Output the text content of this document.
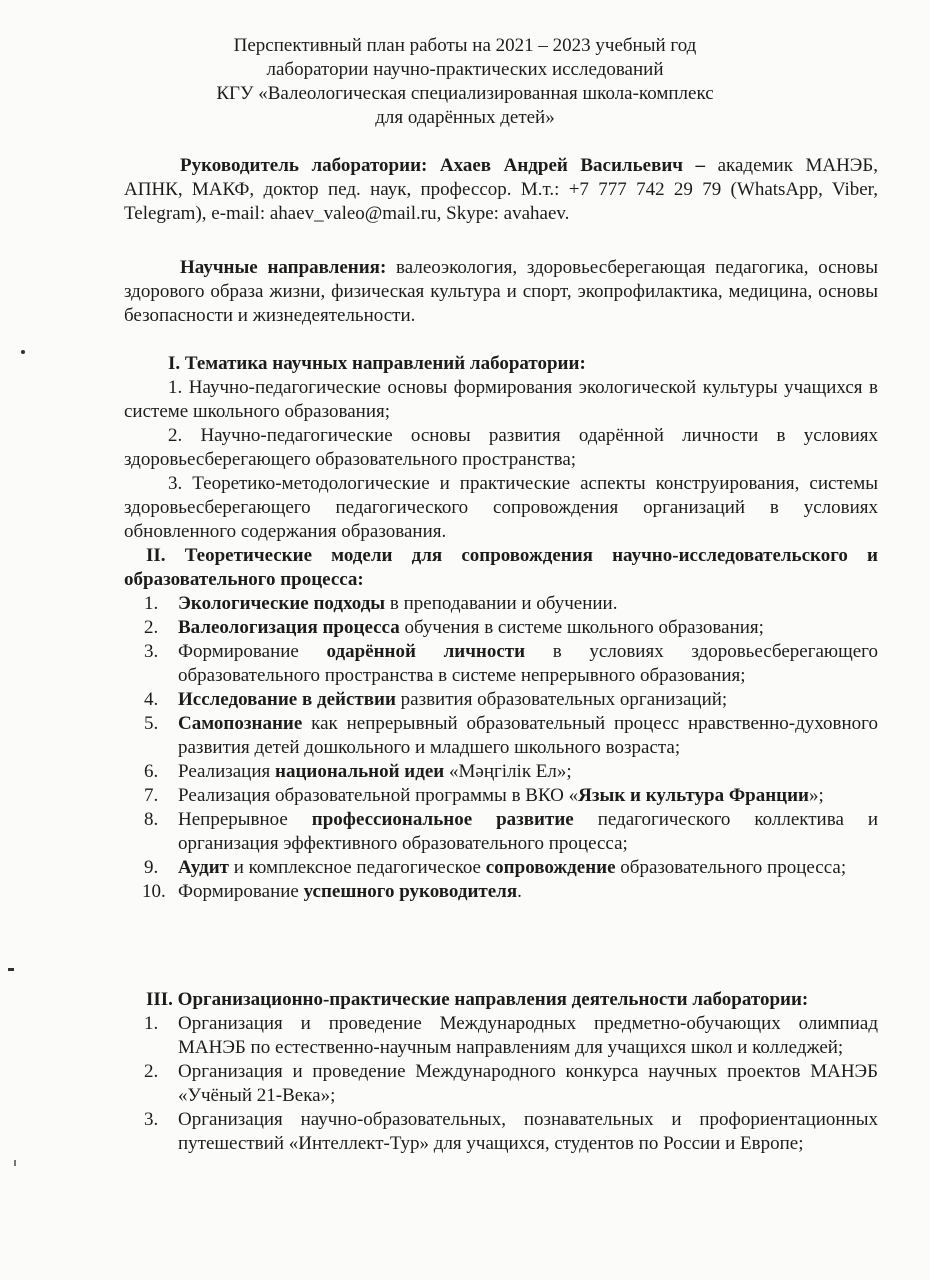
Перспективный план работы на 2021 – 2023 учебный год
лаборатории научно-практических исследований
КГУ «Валеологическая специализированная школа-комплекс
для одарённых детей»
Руководитель лаборатории: Ахаев Андрей Васильевич – академик МАНЭБ, АПНК, МАКФ, доктор пед. наук, профессор. М.т.: +7 777 742 29 79 (WhatsApp, Viber, Telegram), e-mail: ahaev_valeo@mail.ru, Skype: avahaev.
Научные направления: валеоэкология, здоровьесберегающая педагогика, основы здорового образа жизни, физическая культура и спорт, экопрофилактика, медицина, основы безопасности и жизнедеятельности.
I. Тематика научных направлений лаборатории:
1. Научно-педагогические основы формирования экологической культуры учащихся в системе школьного образования;
2. Научно-педагогические основы развития одарённой личности в условиях здоровьесберегающего образовательного пространства;
3. Теоретико-методологические и практические аспекты конструирования, системы здоровьесберегающего педагогического сопровождения организаций в условиях обновленного содержания образования.
II. Теоретические модели для сопровождения научно-исследовательского и образовательного процесса:
1. Экологические подходы в преподавании и обучении.
2. Валеологизация процесса обучения в системе школьного образования;
3. Формирование одарённой личности в условиях здоровьесберегающего образовательного пространства в системе непрерывного образования;
4. Исследование в действии развития образовательных организаций;
5. Самопознание как непрерывный образовательный процесс нравственно-духовного развития детей дошкольного и младшего школьного возраста;
6. Реализация национальной идеи «Мәңгілік Ел»;
7. Реализация образовательной программы в ВКО «Язык и культура Франции»;
8. Непрерывное профессиональное развитие педагогического коллектива и организация эффективного образовательного процесса;
9. Аудит и комплексное педагогическое сопровождение образовательного процесса;
10. Формирование успешного руководителя.
III. Организационно-практические направления деятельности лаборатории:
1. Организация и проведение Международных предметно-обучающих олимпиад МАНЭБ по естественно-научным направлениям для учащихся школ и колледжей;
2. Организация и проведение Международного конкурса научных проектов МАНЭБ «Учёный 21-Века»;
3. Организация научно-образовательных, познавательных и профориентационных путешествий «Интеллект-Тур» для учащихся, студентов по России и Европе;
